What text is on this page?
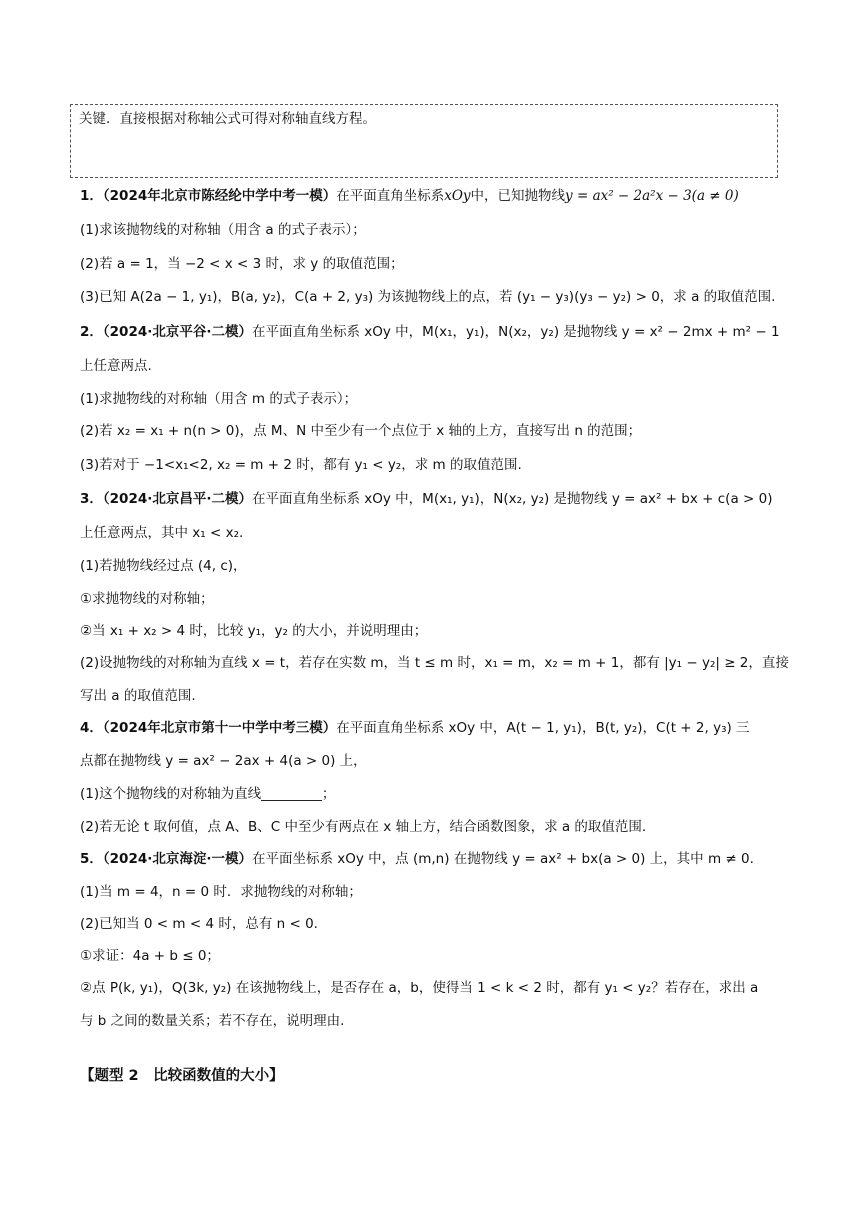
关键．直接根据对称轴公式可得对称轴直线方程。
1．（2024年北京市陈经纶中学中考一模）在平面直角坐标系xOy中，已知抛物线y = ax² − 2a²x − 3(a ≠ 0)
(1)求该抛物线的对称轴（用含 a 的式子表示）；
(2)若 a = 1，当 −2 < x < 3 时，求 y 的取值范围；
(3)已知 A(2a − 1, y₁)，B(a, y₂)，C(a + 2, y₃) 为该抛物线上的点，若 (y₁ − y₃)(y₃ − y₂) > 0，求 a 的取值范围.
2．（2024·北京平谷·二模）在平面直角坐标系 xOy 中，M(x₁，y₁)，N(x₂，y₂) 是抛物线 y = x² − 2mx + m² − 1
上任意两点.
(1)求抛物线的对称轴（用含 m 的式子表示）；
(2)若 x₂ = x₁ + n(n > 0)，点 M、N 中至少有一个点位于 x 轴的上方，直接写出 n 的范围；
(3)若对于 −1<x₁<2, x₂ = m + 2 时，都有 y₁ < y₂，求 m 的取值范围.
3．（2024·北京昌平·二模）在平面直角坐标系 xOy 中，M(x₁, y₁)，N(x₂, y₂) 是抛物线 y = ax² + bx + c(a > 0)
上任意两点，其中 x₁ < x₂.
(1)若抛物线经过点 (4, c)，
①求抛物线的对称轴；
②当 x₁ + x₂ > 4 时，比较 y₁，y₂ 的大小，并说明理由；
(2)设抛物线的对称轴为直线 x = t，若存在实数 m，当 t ≤ m 时，x₁ = m，x₂ = m + 1，都有 |y₁ − y₂| ≥ 2，直接
写出 a 的取值范围.
4．（2024年北京市第十一中学中考三模）在平面直角坐标系 xOy 中，A(t − 1, y₁)，B(t, y₂)，C(t + 2, y₃) 三
点都在抛物线 y = ax² − 2ax + 4(a > 0) 上，
(1)这个抛物线的对称轴为直线_________；
(2)若无论 t 取何值，点 A、B、C 中至少有两点在 x 轴上方，结合函数图象，求 a 的取值范围.
5．（2024·北京海淀·一模）在平面坐标系 xOy 中，点 (m,n) 在抛物线 y = ax² + bx(a > 0) 上，其中 m ≠ 0.
(1)当 m = 4，n = 0 时．求抛物线的对称轴；
(2)已知当 0 < m < 4 时，总有 n < 0.
①求证：4a + b ≤ 0；
②点 P(k, y₁)，Q(3k, y₂) 在该抛物线上，是否存在 a，b，使得当 1 < k < 2 时，都有 y₁ < y₂？若存在，求出 a
与 b 之间的数量关系；若不存在，说明理由.
【题型 2　比较函数值的大小】
